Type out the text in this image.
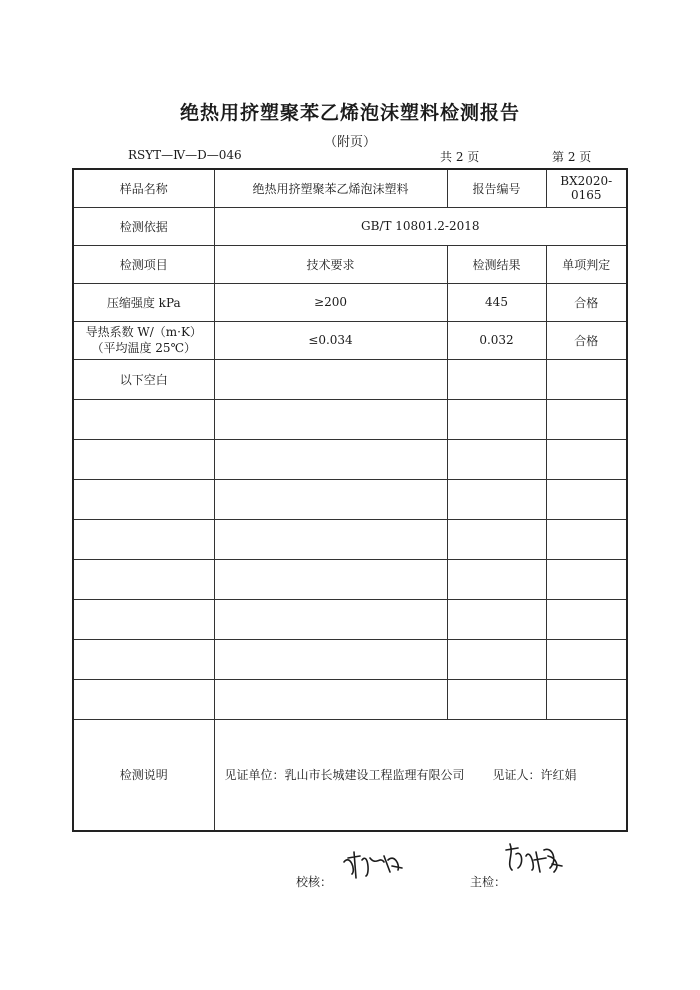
绝热用挤塑聚苯乙烯泡沫塑料检测报告
（附页）
RSYT—Ⅳ—D—046	共 2 页	第 2 页
样品名称	绝热用挤塑聚苯乙烯泡沫塑料	报告编号	BX2020-0165
检测依据	GB/T 10801.2-2018		
检测项目	技术要求	检测结果	单项判定
压缩强度 kPa	≥200	445	合格

导热系数 W/（m·K）
（平均温度 25℃）	≤0.034	0.032	合格
以下空白			

检测说明	见证单位：乳山市长城建设工程监理有限公司 见证人：许红娟		
校核：	主检：
